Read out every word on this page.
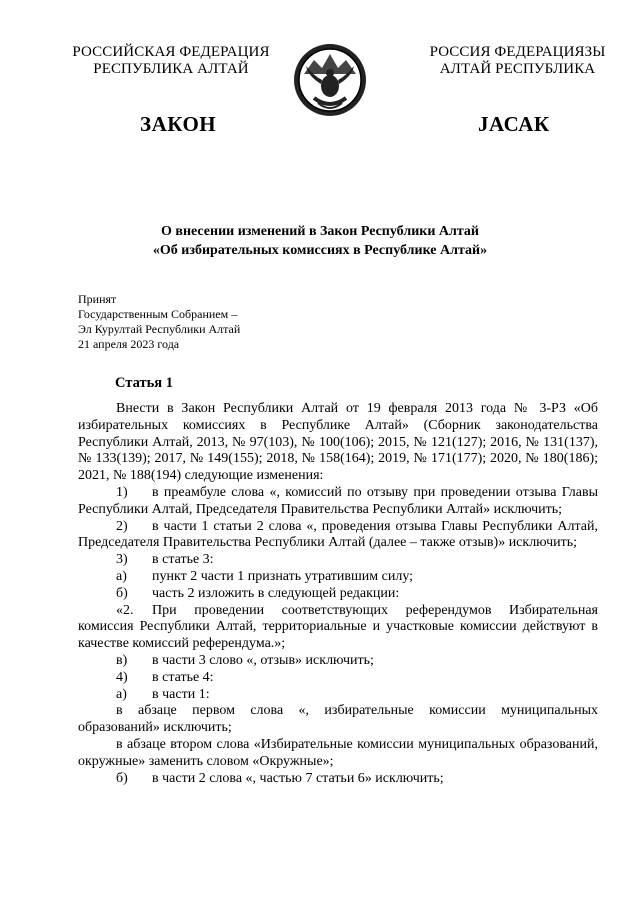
РОССИЙСКАЯ ФЕДЕРАЦИЯ
РЕСПУБЛИКА АЛТАЙ
РОССИЯ ФЕДЕРАЦИЯЗЫ
АЛТАЙ РЕСПУБЛИКА
ЗАКОН	ЈАСАК
О внесении изменений в Закон Республики Алтай
«Об избирательных комиссиях в Республике Алтай»
Принят
Государственным Собранием –
Эл Курултай Республики Алтай
21 апреля 2023 года
Статья 1

Внести в Закон Республики Алтай от 19 февраля 2013 года № 3-РЗ «Об избирательных комиссиях в Республике Алтай» (Сборник законодательства Республики Алтай, 2013, № 97(103), № 100(106); 2015, № 121(127); 2016, № 131(137), № 133(139); 2017, № 149(155); 2018, № 158(164); 2019, № 171(177); 2020, № 180(186); 2021, № 188(194) следующие изменения:

1) в преамбуле слова «, комиссий по отзыву при проведении отзыва Главы Республики Алтай, Председателя Правительства Республики Алтай» исключить;

2) в части 1 статьи 2 слова «, проведения отзыва Главы Республики Алтай, Председателя Правительства Республики Алтай (далее – также отзыв)» исключить;

3) в статье 3:

а) пункт 2 части 1 признать утратившим силу;

б) часть 2 изложить в следующей редакции:

«2. При проведении соответствующих референдумов Избирательная комиссия Республики Алтай, территориальные и участковые комиссии действуют в качестве комиссий референдума.»;

в) в части 3 слово «, отзыв» исключить;

4) в статье 4:

а) в части 1:

в абзаце первом слова «, избирательные комиссии муниципальных образований» исключить;

в абзаце втором слова «Избирательные комиссии муниципальных образований, окружные» заменить словом «Окружные»;

б) в части 2 слова «, частью 7 статьи 6» исключить;
